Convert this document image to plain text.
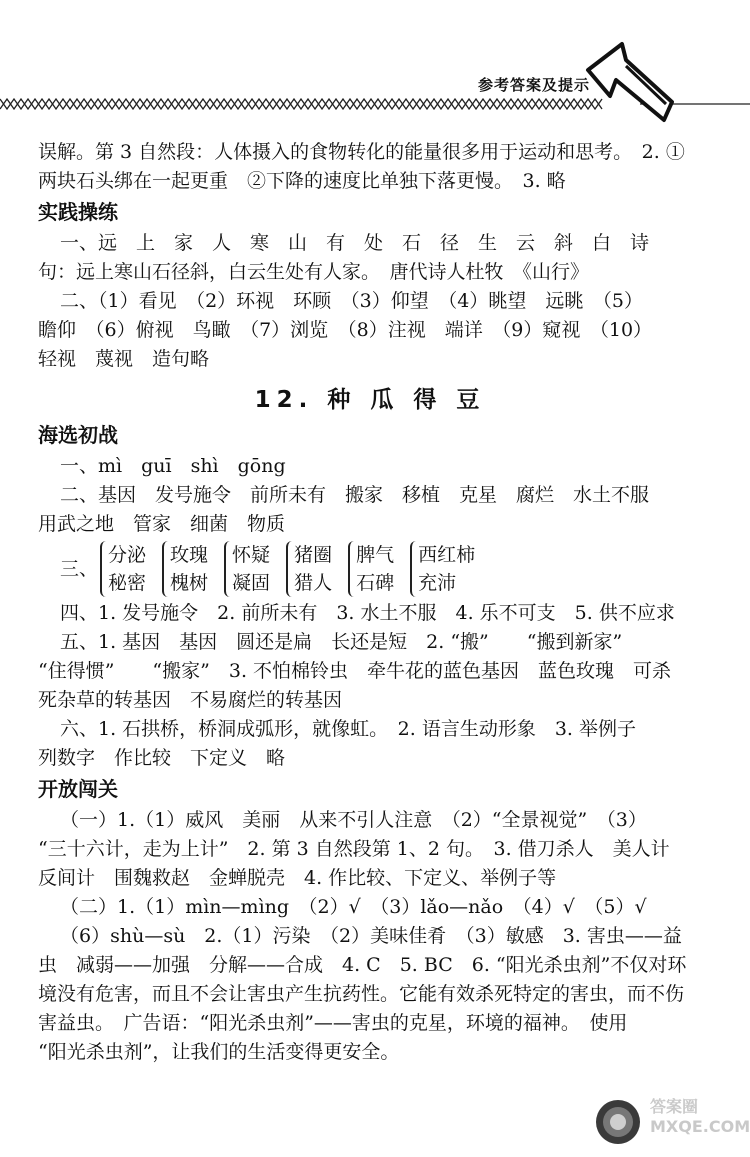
参考答案及提示

误解。第 3 自然段：人体摄入的食物转化的能量很多用于运动和思考。　2. ①

两块石头绑在一起更重　②下降的速度比单独下落更慢。　3. 略

实践操练

一、远　上　家　人　寒　山　有　处　石　径　生　云　斜　白　诗

句：远上寒山石径斜，白云生处有人家。　唐代诗人杜牧　《山行》

二、（1）看见　（2）环视　环顾　（3）仰望　（4）眺望　远眺　（5）

瞻仰　（6）俯视　鸟瞰　（7）浏览　（8）注视　端详　（9）窥视　（10）

轻视　蔑视　造句略

12. 种 瓜 得 豆
海选初战

一、mì　guī　shì　gōng

二、基因　发号施令　前所未有　搬家　移植　克星　腐烂　水土不服

用武之地　管家　细菌　物质

三、
分泌
秘密
玫瑰
槐树
怀疑
凝固
猪圈
猎人
脾气
石碑
西红柿
充沛

四、1. 发号施令　2. 前所未有　3. 水土不服　4. 乐不可支　5. 供不应求

五、1. 基因　基因　圆还是扁　长还是短　2. “搬”　　“搬到新家”

“住得惯”　　“搬家”　3. 不怕棉铃虫　牵牛花的蓝色基因　蓝色玫瑰　可杀

死杂草的转基因　不易腐烂的转基因

六、1. 石拱桥，桥洞成弧形，就像虹。　2. 语言生动形象　3. 举例子

列数字　作比较　下定义　略

开放闯关

（一）1.（1）威风　美丽　从来不引人注意　（2）“全景视觉”　（3）

“三十六计，走为上计”　2. 第 3 自然段第 1、2 句。　3. 借刀杀人　美人计

反间计　围魏救赵　金蝉脱壳　4. 作比较、下定义、举例子等

（二）1.（1）mìn—mìng　（2）√　（3）lǎo—nǎo　（4）√　（5）√

（6）shù—sù　2.（1）污染　（2）美味佳肴　（3）敏感　3. 害虫——益

虫　减弱——加强　分解——合成　4. C　5. BC　6. “阳光杀虫剂”不仅对环

境没有危害，而且不会让害虫产生抗药性。它能有效杀死特定的害虫，而不伤

害益虫。　广告语：“阳光杀虫剂”——害虫的克星，环境的福神。　使用

“阳光杀虫剂”，让我们的生活变得更安全。

答案圈
MXQE.COM
